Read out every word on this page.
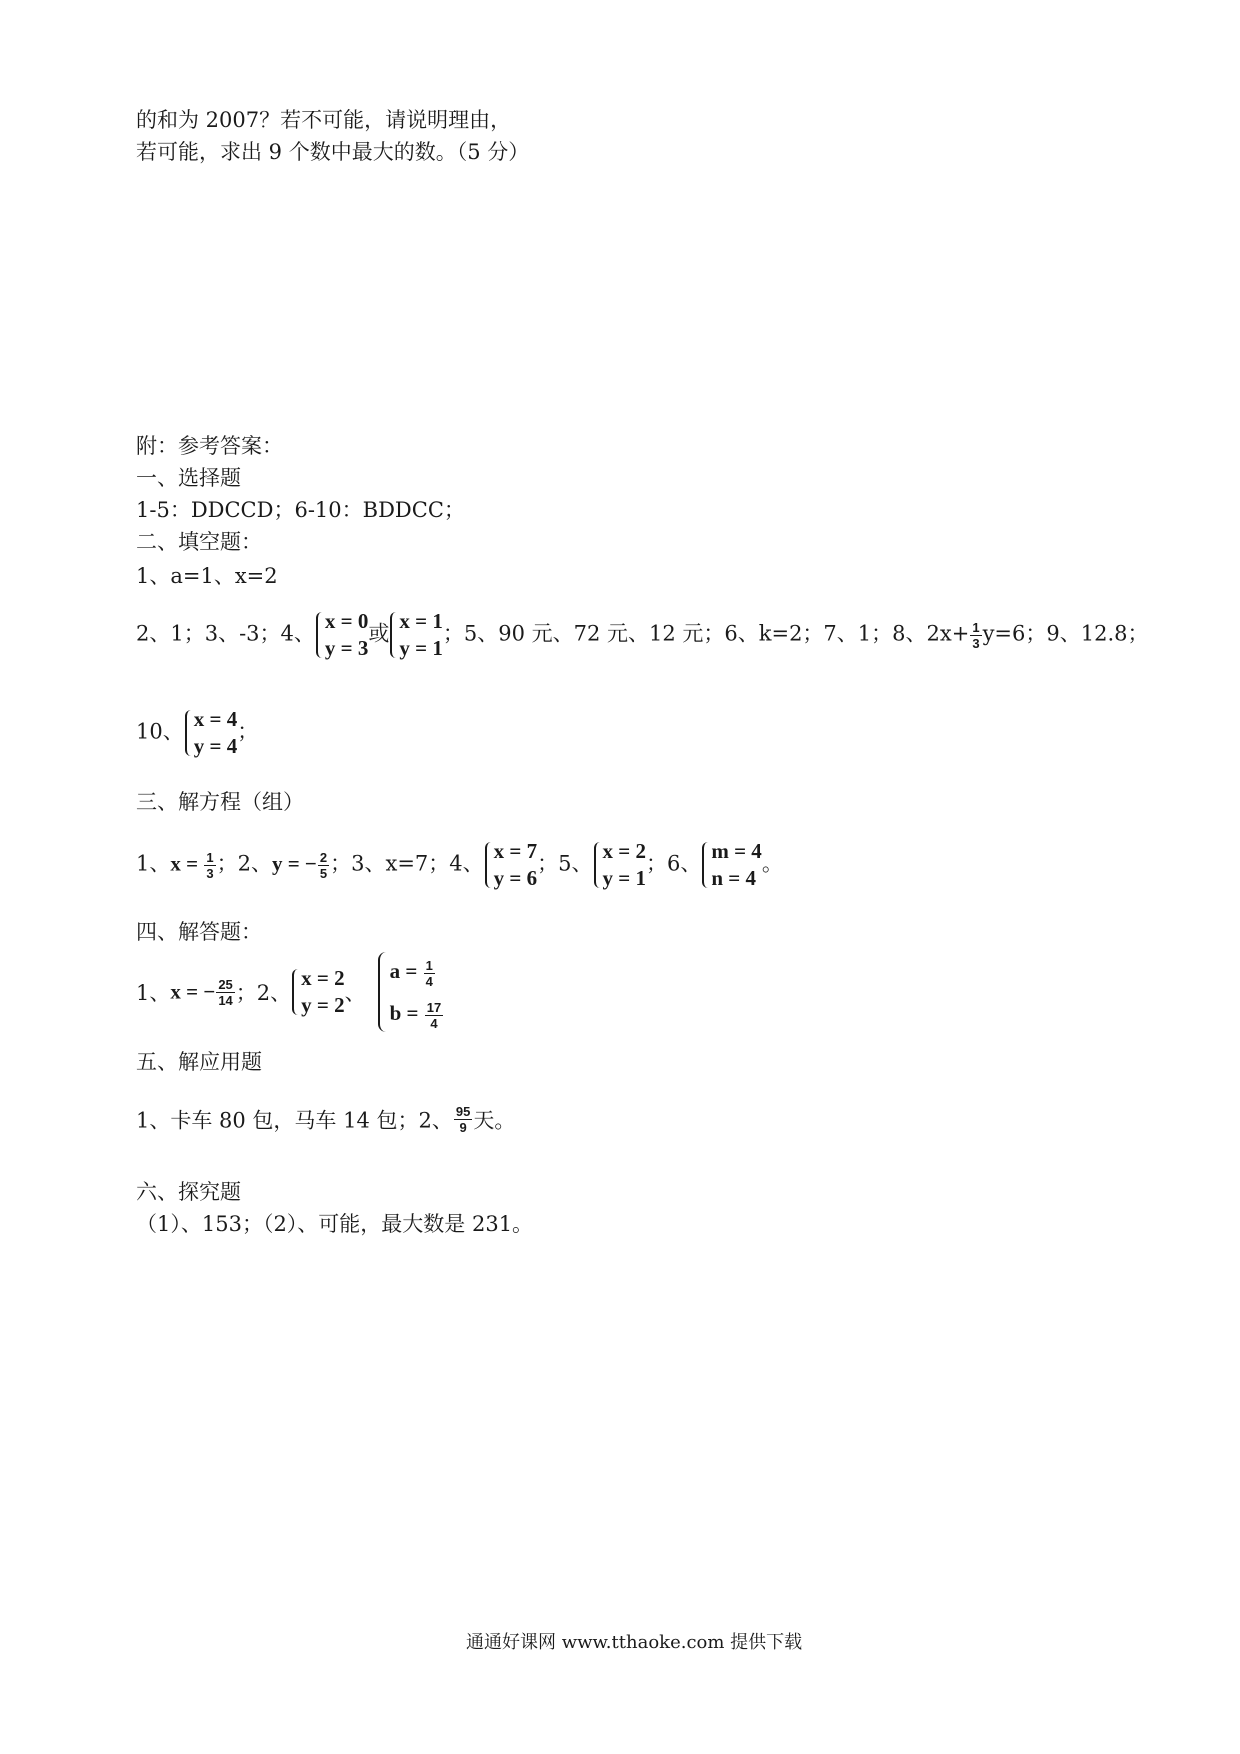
的和为 2007？若不可能，请说明理由，
若可能，求出 9 个数中最大的数。（5 分）
附：参考答案：
一、选择题
1-5：DDCCD；6-10：BDDCC；
二、填空题：
1、a=1、x=2
2、1；3、-3；4、
x = 0
y = 3
或
x = 1
y = 1
；5、90 元、72 元、12 元；6、k=2；7、1；8、$2x+ \frac{1}{3} y=6$；9、12.8；
10、
x = 4
y = 4
；
三、解方程（组）
1、$x = \frac{1}{3}$ ；2、y = − $\frac{2}{5}$ ；3、x=7；4、
x = 7
y = 6
；5、
x = 2
y = 1
；6、
m = 4
n = 4
。
四、解答题：
1、x = − $\frac{25}{14}$ ；2、
x = 2
y = 2 、
$a = \frac{1}{4}$
$b = \frac{17}{4}$
五、解应用题
1、卡车 80 包，马车 14 包；2、 $\frac{95}{9}$ 天。
六、探究题
（1）、153；（2）、可能，最大数是 231。
通通好课网 www.tthaoke.com 提供下载
